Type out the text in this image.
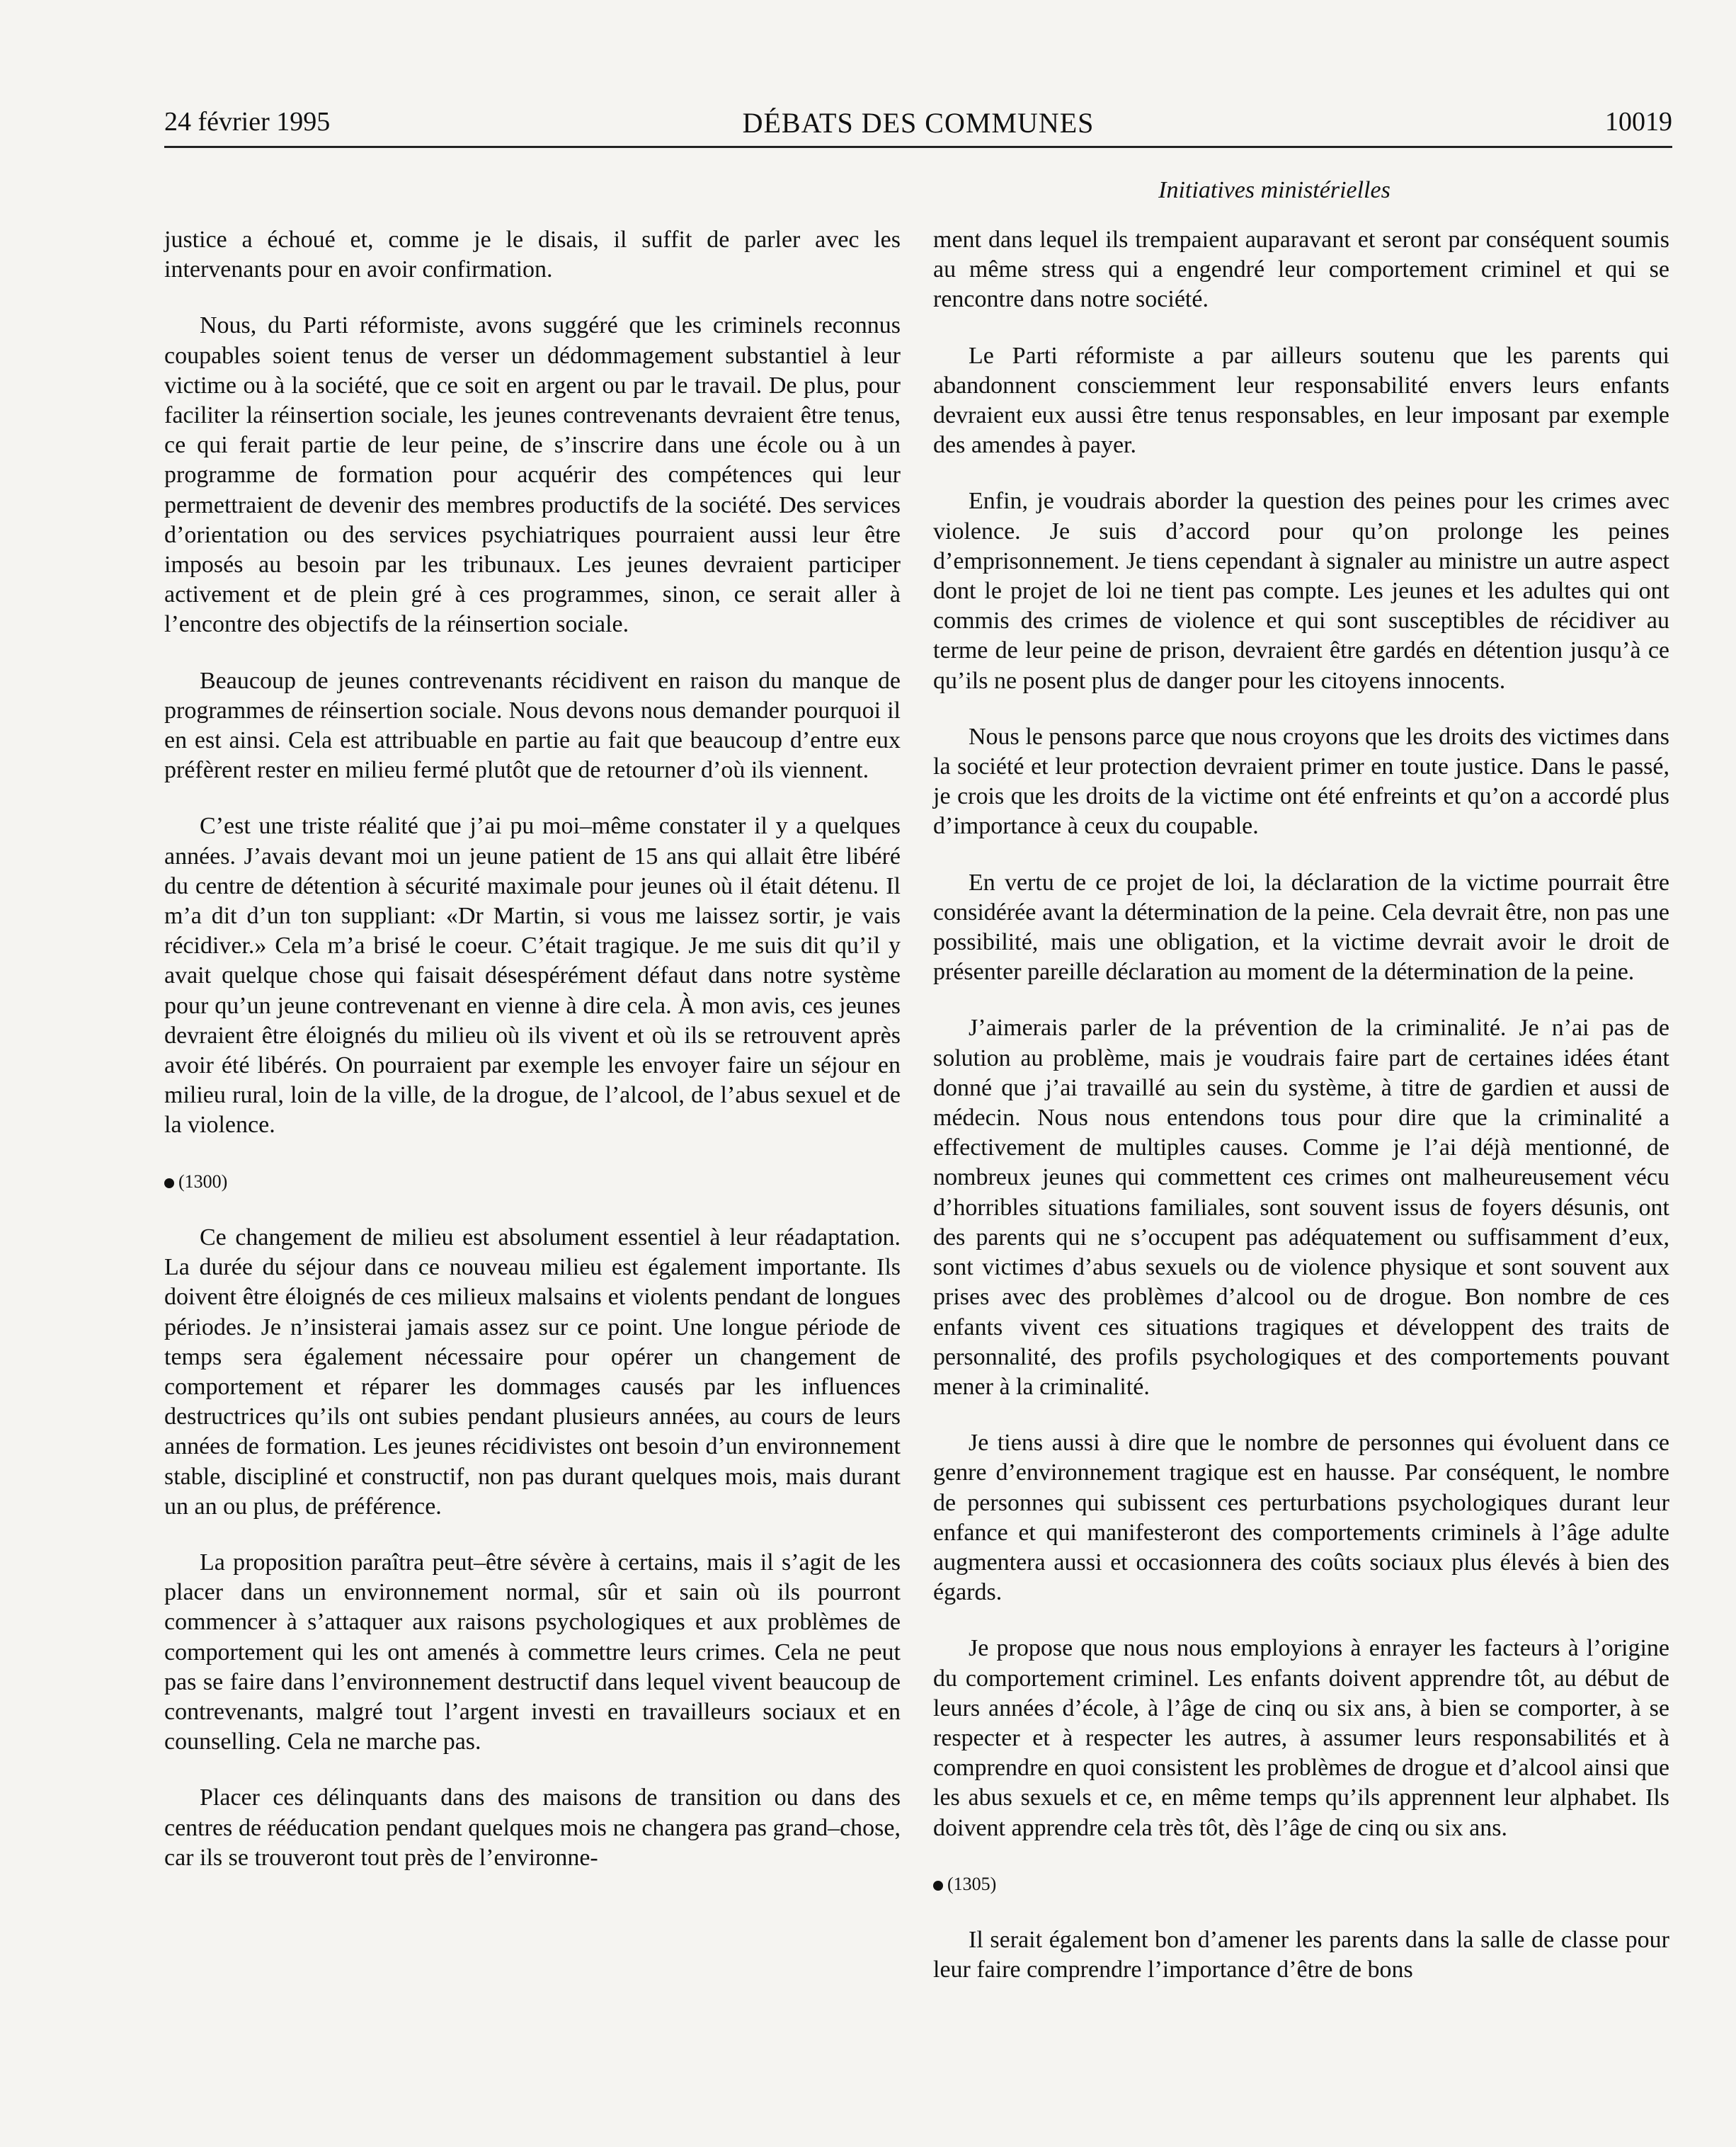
24 février 1995	DÉBATS DES COMMUNES	10019
Initiatives ministérielles

justice a échoué et, comme je le disais, il suffit de parler avec les intervenants pour en avoir confirmation.

Nous, du Parti réformiste, avons suggéré que les criminels reconnus coupables soient tenus de verser un dédommagement substantiel à leur victime ou à la société, que ce soit en argent ou par le travail. De plus, pour faciliter la réinsertion sociale, les jeunes contrevenants devraient être tenus, ce qui ferait partie de leur peine, de s’inscrire dans une école ou à un programme de formation pour acquérir des compétences qui leur permettraient de devenir des membres productifs de la société. Des services d’orientation ou des services psychiatriques pourraient aussi leur être imposés au besoin par les tribunaux. Les jeunes devraient participer activement et de plein gré à ces programmes, sinon, ce serait aller à l’encontre des objectifs de la réinsertion sociale.

Beaucoup de jeunes contrevenants récidivent en raison du manque de programmes de réinsertion sociale. Nous devons nous demander pourquoi il en est ainsi. Cela est attribuable en partie au fait que beaucoup d’entre eux préfèrent rester en milieu fermé plutôt que de retourner d’où ils viennent.

C’est une triste réalité que j’ai pu moi–même constater il y a quelques années. J’avais devant moi un jeune patient de 15 ans qui allait être libéré du centre de détention à sécurité maximale pour jeunes où il était détenu. Il m’a dit d’un ton suppliant: «Dr Martin, si vous me laissez sortir, je vais récidiver.» Cela m’a brisé le coeur. C’était tragique. Je me suis dit qu’il y avait quelque chose qui faisait désespérément défaut dans notre système pour qu’un jeune contrevenant en vienne à dire cela. À mon avis, ces jeunes devraient être éloignés du milieu où ils vivent et où ils se retrouvent après avoir été libérés. On pourraient par exemple les envoyer faire un séjour en milieu rural, loin de la ville, de la drogue, de l’alcool, de l’abus sexuel et de la violence.

(1300)

Ce changement de milieu est absolument essentiel à leur réadaptation. La durée du séjour dans ce nouveau milieu est également importante. Ils doivent être éloignés de ces milieux malsains et violents pendant de longues périodes. Je n’insisterai jamais assez sur ce point. Une longue période de temps sera également nécessaire pour opérer un changement de comportement et réparer les dommages causés par les influences destructrices qu’ils ont subies pendant plusieurs années, au cours de leurs années de formation. Les jeunes récidivistes ont besoin d’un environnement stable, discipliné et constructif, non pas durant quelques mois, mais durant un an ou plus, de préférence.

La proposition paraîtra peut–être sévère à certains, mais il s’agit de les placer dans un environnement normal, sûr et sain où ils pourront commencer à s’attaquer aux raisons psychologiques et aux problèmes de comportement qui les ont amenés à commettre leurs crimes. Cela ne peut pas se faire dans l’environnement destructif dans lequel vivent beaucoup de contrevenants, malgré tout l’argent investi en travailleurs sociaux et en counselling. Cela ne marche pas.

Placer ces délinquants dans des maisons de transition ou dans des centres de rééducation pendant quelques mois ne changera pas grand–chose, car ils se trouveront tout près de l’environne-

ment dans lequel ils trempaient auparavant et seront par conséquent soumis au même stress qui a engendré leur comportement criminel et qui se rencontre dans notre société.

Le Parti réformiste a par ailleurs soutenu que les parents qui abandonnent consciemment leur responsabilité envers leurs enfants devraient eux aussi être tenus responsables, en leur imposant par exemple des amendes à payer.

Enfin, je voudrais aborder la question des peines pour les crimes avec violence. Je suis d’accord pour qu’on prolonge les peines d’emprisonnement. Je tiens cependant à signaler au ministre un autre aspect dont le projet de loi ne tient pas compte. Les jeunes et les adultes qui ont commis des crimes de violence et qui sont susceptibles de récidiver au terme de leur peine de prison, devraient être gardés en détention jusqu’à ce qu’ils ne posent plus de danger pour les citoyens innocents.

Nous le pensons parce que nous croyons que les droits des victimes dans la société et leur protection devraient primer en toute justice. Dans le passé, je crois que les droits de la victime ont été enfreints et qu’on a accordé plus d’importance à ceux du coupable.

En vertu de ce projet de loi, la déclaration de la victime pourrait être considérée avant la détermination de la peine. Cela devrait être, non pas une possibilité, mais une obligation, et la victime devrait avoir le droit de présenter pareille déclaration au moment de la détermination de la peine.

J’aimerais parler de la prévention de la criminalité. Je n’ai pas de solution au problème, mais je voudrais faire part de certaines idées étant donné que j’ai travaillé au sein du système, à titre de gardien et aussi de médecin. Nous nous entendons tous pour dire que la criminalité a effectivement de multiples causes. Comme je l’ai déjà mentionné, de nombreux jeunes qui commettent ces crimes ont malheureusement vécu d’horribles situations familiales, sont souvent issus de foyers désunis, ont des parents qui ne s’occupent pas adéquatement ou suffisamment d’eux, sont victimes d’abus sexuels ou de violence physique et sont souvent aux prises avec des problèmes d’alcool ou de drogue. Bon nombre de ces enfants vivent ces situations tragiques et développent des traits de personnalité, des profils psychologiques et des comportements pouvant mener à la criminalité.

Je tiens aussi à dire que le nombre de personnes qui évoluent dans ce genre d’environnement tragique est en hausse. Par conséquent, le nombre de personnes qui subissent ces perturbations psychologiques durant leur enfance et qui manifesteront des comportements criminels à l’âge adulte augmentera aussi et occasionnera des coûts sociaux plus élevés à bien des égards.

Je propose que nous nous employions à enrayer les facteurs à l’origine du comportement criminel. Les enfants doivent apprendre tôt, au début de leurs années d’école, à l’âge de cinq ou six ans, à bien se comporter, à se respecter et à respecter les autres, à assumer leurs responsabilités et à comprendre en quoi consistent les problèmes de drogue et d’alcool ainsi que les abus sexuels et ce, en même temps qu’ils apprennent leur alphabet. Ils doivent apprendre cela très tôt, dès l’âge de cinq ou six ans.

(1305)

Il serait également bon d’amener les parents dans la salle de classe pour leur faire comprendre l’importance d’être de bons
